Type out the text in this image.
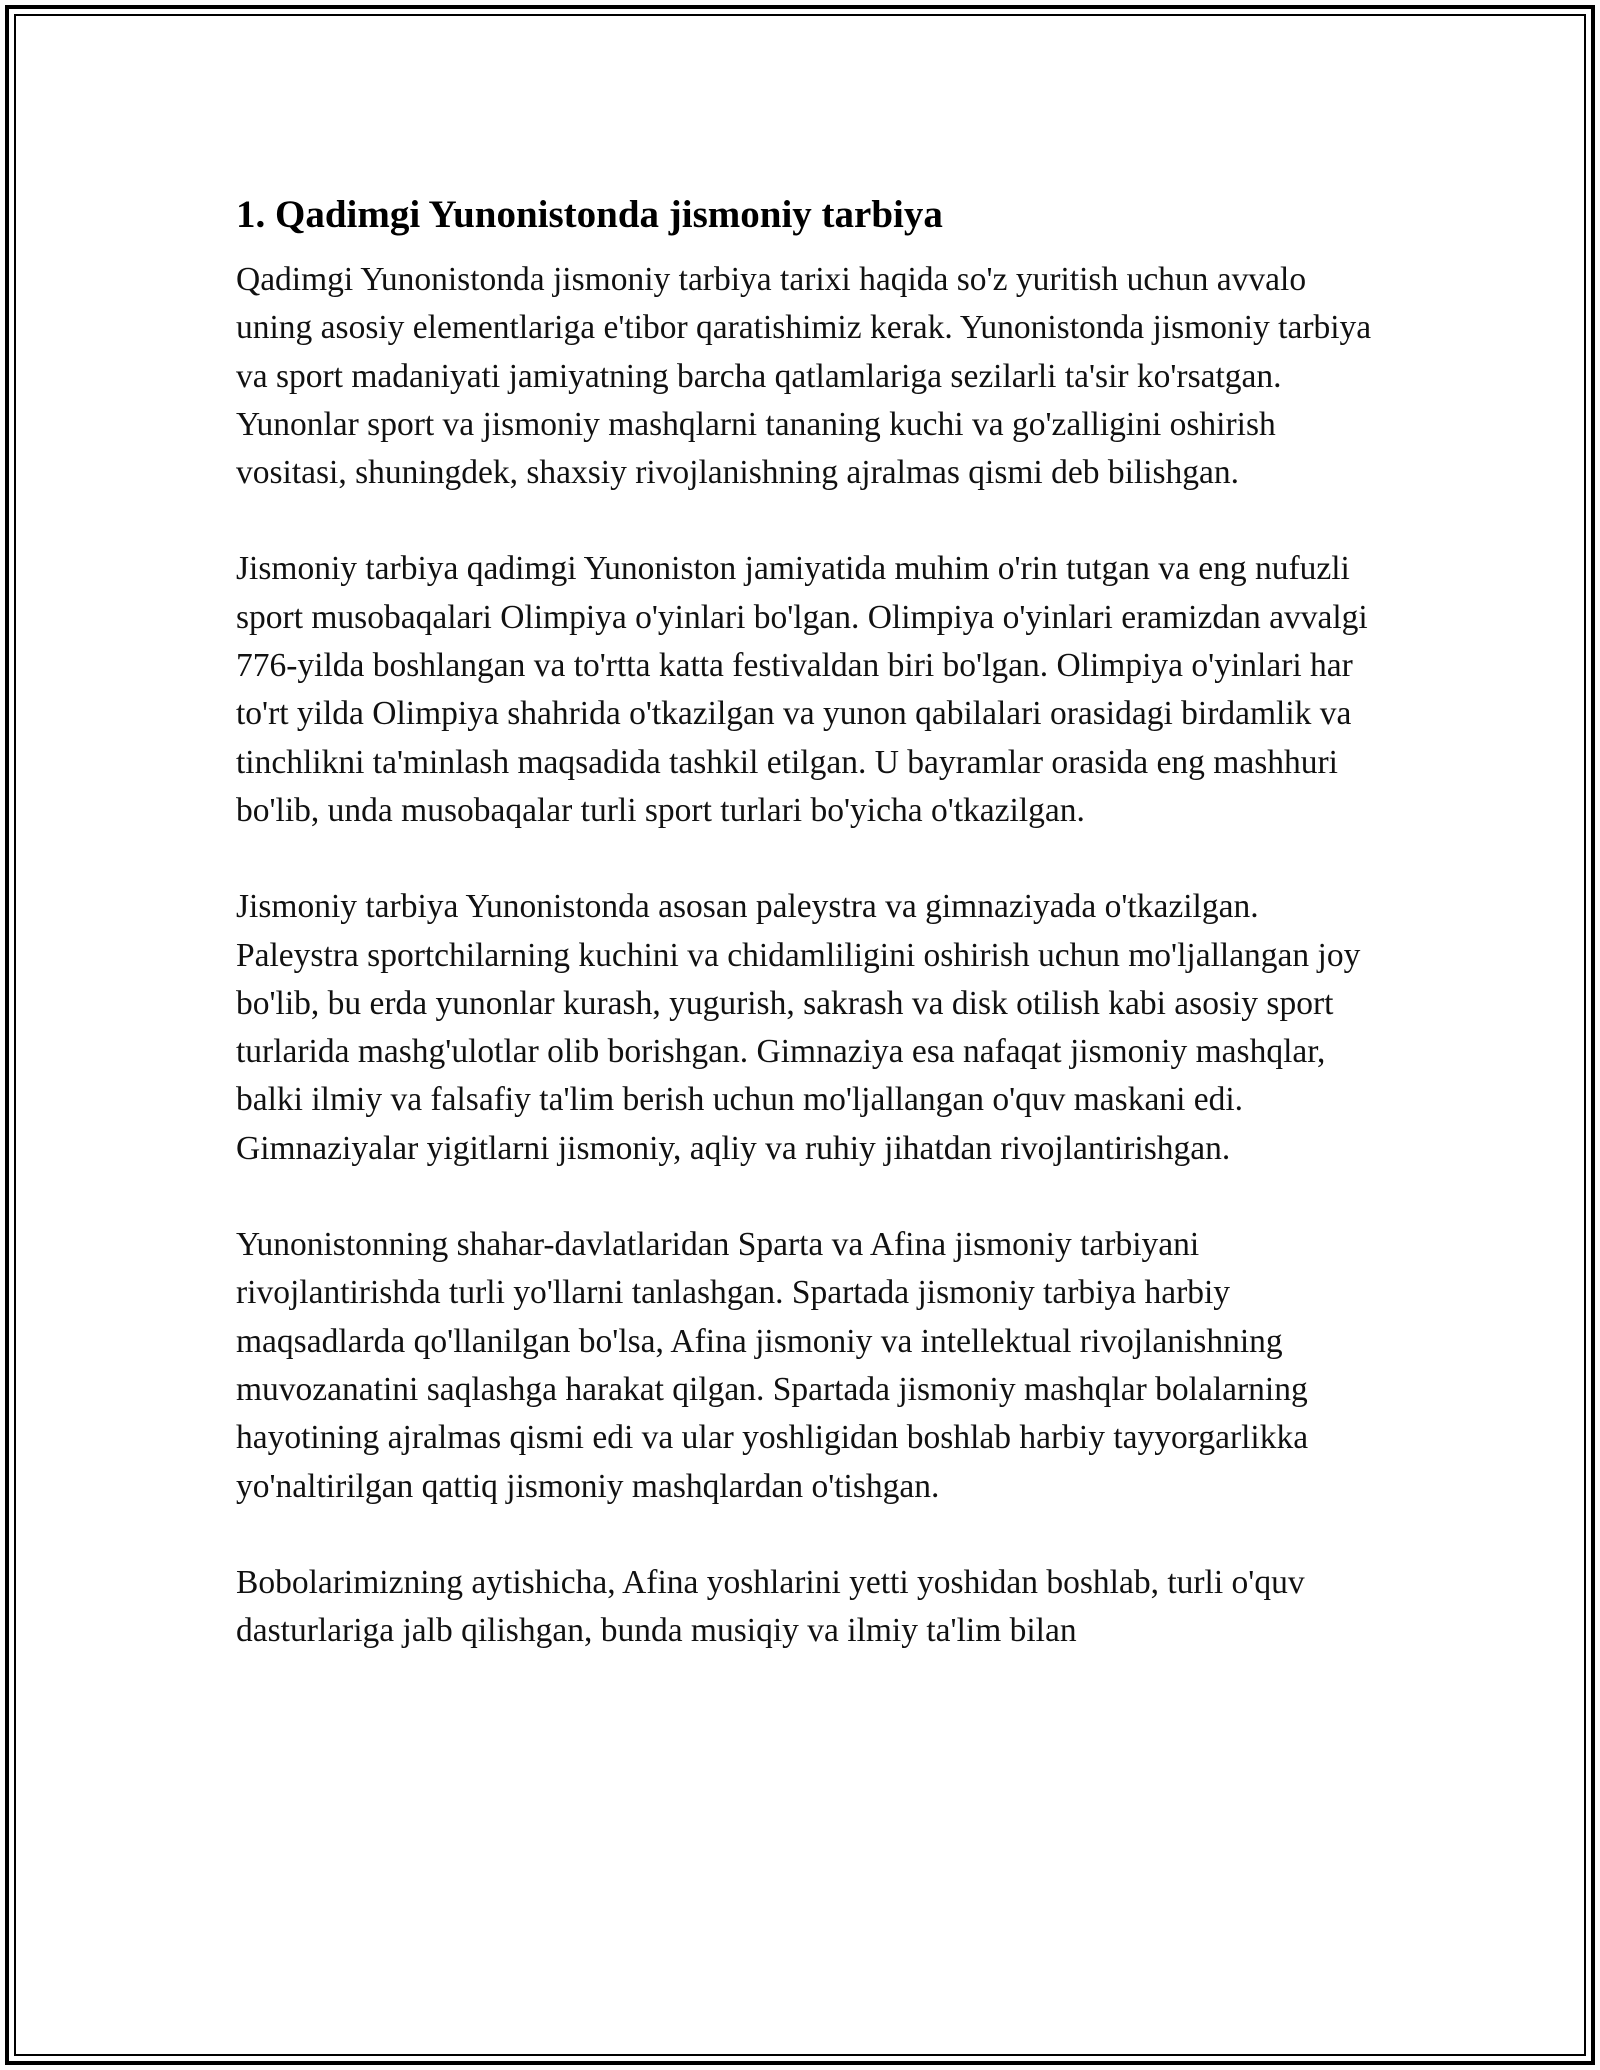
1. Qadimgi Yunonistonda jismoniy tarbiya

Qadimgi Yunonistonda jismoniy tarbiya tarixi haqida so'z yuritish uchun avvalo uning asosiy elementlariga e'tibor qaratishimiz kerak. Yunonistonda jismoniy tarbiya va sport madaniyati jamiyatning barcha qatlamlariga sezilarli ta'sir ko'rsatgan. Yunonlar sport va jismoniy mashqlarni tananing kuchi va go'zalligini oshirish vositasi, shuningdek, shaxsiy rivojlanishning ajralmas qismi deb bilishgan.

Jismoniy tarbiya qadimgi Yunoniston jamiyatida muhim o'rin tutgan va eng nufuzli sport musobaqalari Olimpiya o'yinlari bo'lgan. Olimpiya o'yinlari eramizdan avvalgi 776-yilda boshlangan va to'rtta katta festivaldan biri bo'lgan. Olimpiya o'yinlari har to'rt yilda Olimpiya shahrida o'tkazilgan va yunon qabilalari orasidagi birdamlik va tinchlikni ta'minlash maqsadida tashkil etilgan. U bayramlar orasida eng mashhuri bo'lib, unda musobaqalar turli sport turlari bo'yicha o'tkazilgan.

Jismoniy tarbiya Yunonistonda asosan paleystra va gimnaziyada o'tkazilgan. Paleystra sportchilarning kuchini va chidamliligini oshirish uchun mo'ljallangan joy bo'lib, bu erda yunonlar kurash, yugurish, sakrash va disk otilish kabi asosiy sport turlarida mashg'ulotlar olib borishgan. Gimnaziya esa nafaqat jismoniy mashqlar, balki ilmiy va falsafiy ta'lim berish uchun mo'ljallangan o'quv maskani edi. Gimnaziyalar yigitlarni jismoniy, aqliy va ruhiy jihatdan rivojlantirishgan.

Yunonistonning shahar-davlatlaridan Sparta va Afina jismoniy tarbiyani rivojlantirishda turli yo'llarni tanlashgan. Spartada jismoniy tarbiya harbiy maqsadlarda qo'llanilgan bo'lsa, Afina jismoniy va intellektual rivojlanishning muvozanatini saqlashga harakat qilgan. Spartada jismoniy mashqlar bolalarning hayotining ajralmas qismi edi va ular yoshligidan boshlab harbiy tayyorgarlikka yo'naltirilgan qattiq jismoniy mashqlardan o'tishgan.

Bobolarimizning aytishicha, Afina yoshlarini yetti yoshidan boshlab, turli o'quv dasturlariga jalb qilishgan, bunda musiqiy va ilmiy ta'lim bilan
